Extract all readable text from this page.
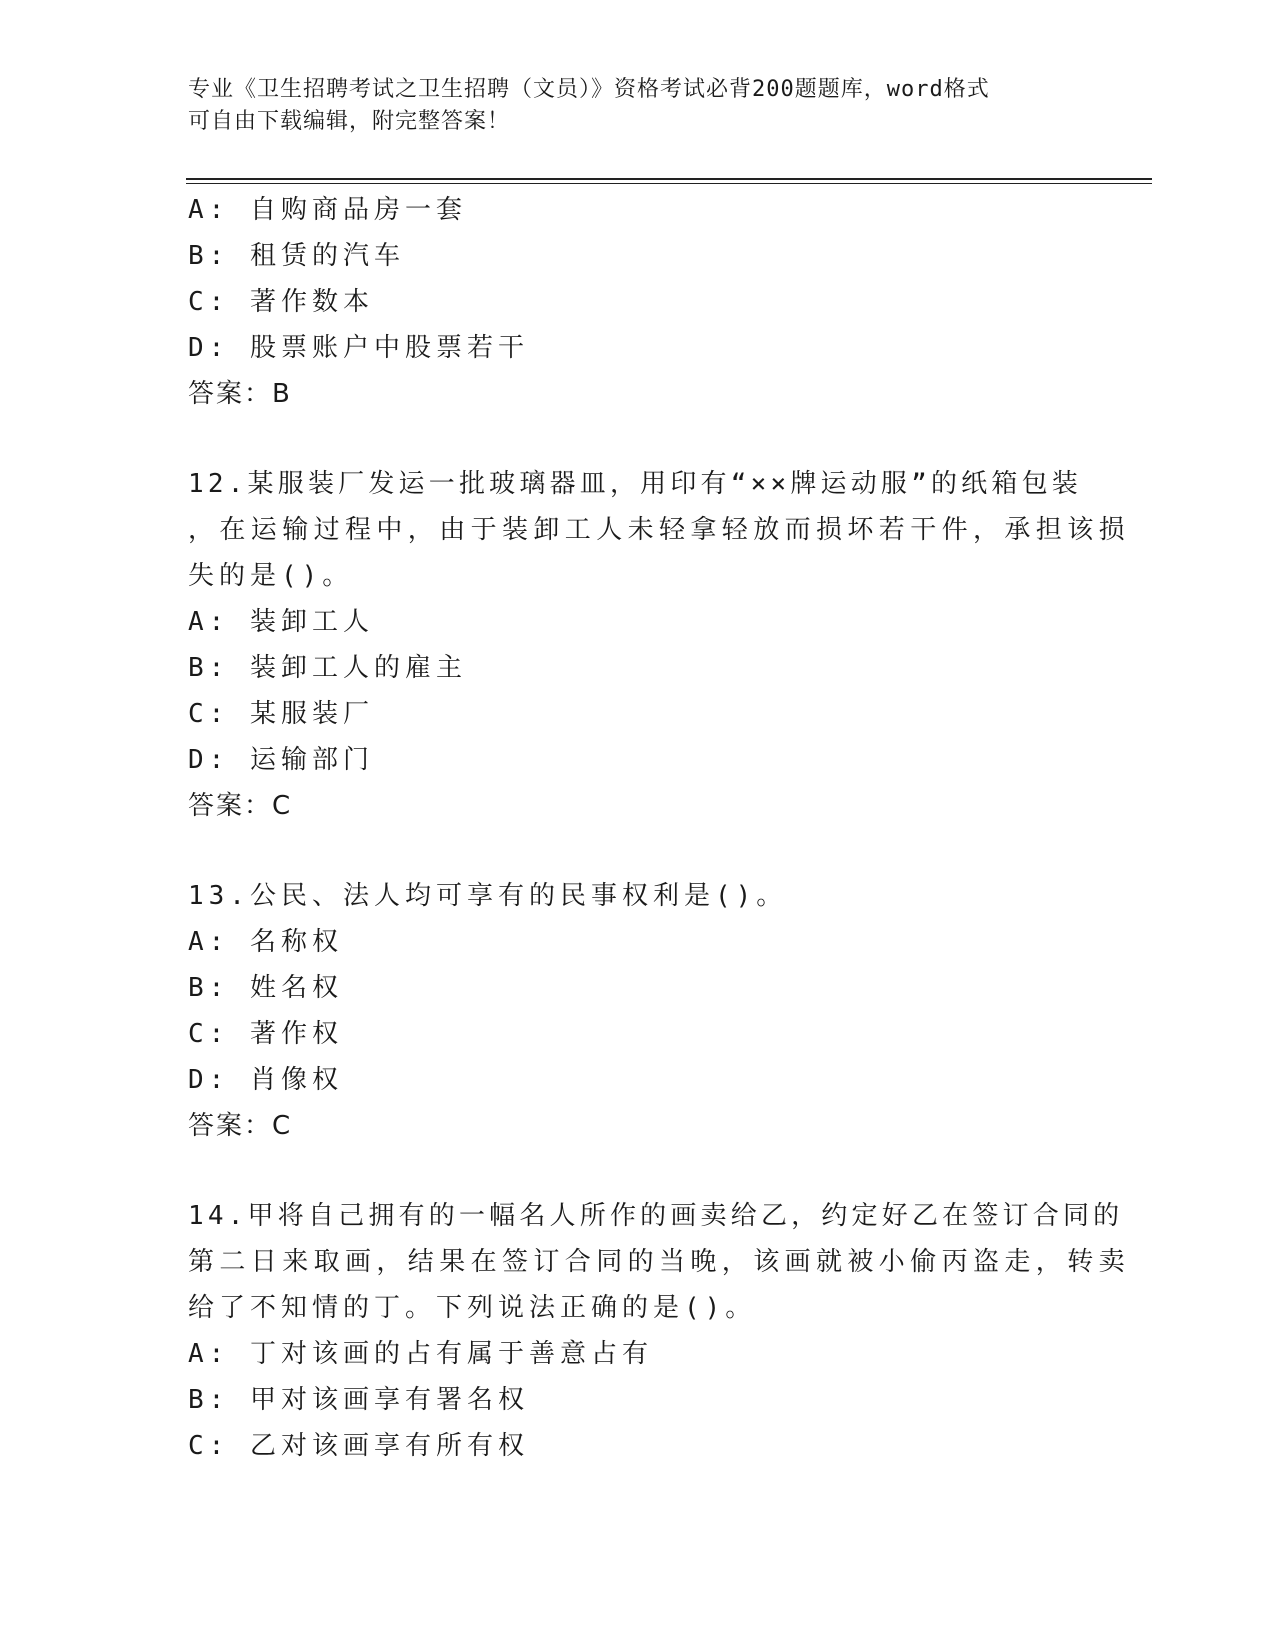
专业《卫生招聘考试之卫生招聘（文员）》资格考试必背200题题库，word格式
可自由下载编辑，附完整答案！
A: 自购商品房一套
B: 租赁的汽车
C: 著作数本
D: 股票账户中股票若干
答案：B
12.某服装厂发运一批玻璃器皿，用印有“××牌运动服”的纸箱包装
，在运输过程中，由于装卸工人未轻拿轻放而损坏若干件，承担该损
失的是()。
A: 装卸工人
B: 装卸工人的雇主
C: 某服装厂
D: 运输部门
答案：C
13.公民、法人均可享有的民事权利是()。
A: 名称权
B: 姓名权
C: 著作权
D: 肖像权
答案：C
14.甲将自己拥有的一幅名人所作的画卖给乙，约定好乙在签订合同的
第二日来取画，结果在签订合同的当晚，该画就被小偷丙盗走，转卖
给了不知情的丁。下列说法正确的是()。
A: 丁对该画的占有属于善意占有
B: 甲对该画享有署名权
C: 乙对该画享有所有权
